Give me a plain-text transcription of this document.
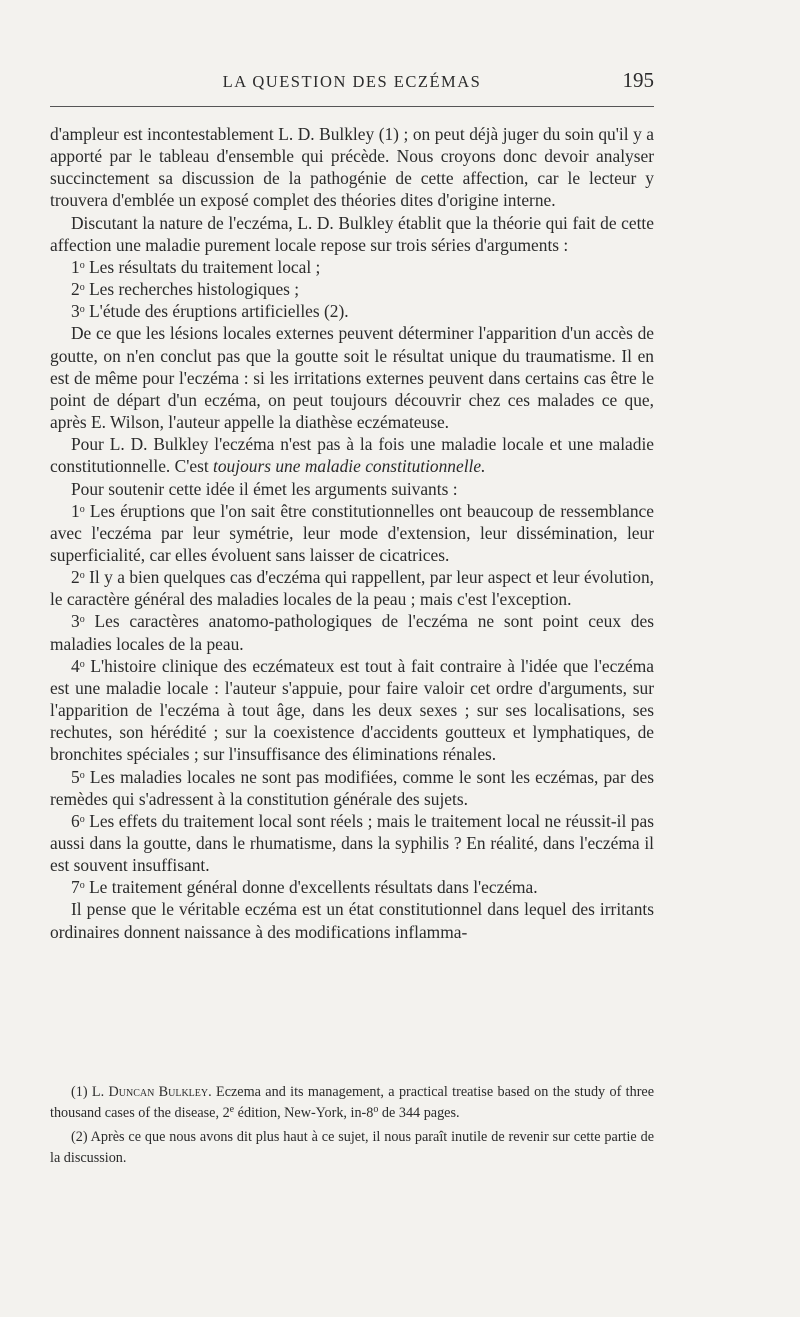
LA QUESTION DES ECZÉMAS	195

d'ampleur est incontestablement L. D. Bulkley (1) ; on peut déjà juger du soin qu'il y a apporté par le tableau d'ensemble qui précède. Nous croyons donc devoir analyser succinctement sa discussion de la pathogénie de cette affection, car le lecteur y trouvera d'emblée un exposé complet des théories dites d'origine interne.

Discutant la nature de l'eczéma, L. D. Bulkley établit que la théorie qui fait de cette affection une maladie purement locale repose sur trois séries d'arguments :

1$^o$ Les résultats du traitement local ;

2$^o$ Les recherches histologiques ;

3$^o$ L'étude des éruptions artificielles (2).

De ce que les lésions locales externes peuvent déterminer l'apparition d'un accès de goutte, on n'en conclut pas que la goutte soit le résultat unique du traumatisme. Il en est de même pour l'eczéma : si les irritations externes peuvent dans certains cas être le point de départ d'un eczéma, on peut toujours découvrir chez ces malades ce que, après E. Wilson, l'auteur appelle la diathèse eczémateuse.

Pour L. D. Bulkley l'eczéma n'est pas à la fois une maladie locale et une maladie constitutionnelle. C'est toujours une maladie constitutionnelle.

Pour soutenir cette idée il émet les arguments suivants :

1$^o$ Les éruptions que l'on sait être constitutionnelles ont beaucoup de ressemblance avec l'eczéma par leur symétrie, leur mode d'extension, leur dissémination, leur superficialité, car elles évoluent sans laisser de cicatrices.

2$^o$ Il y a bien quelques cas d'eczéma qui rappellent, par leur aspect et leur évolution, le caractère général des maladies locales de la peau ; mais c'est l'exception.

3$^o$ Les caractères anatomo-pathologiques de l'eczéma ne sont point ceux des maladies locales de la peau.

4$^o$ L'histoire clinique des eczémateux est tout à fait contraire à l'idée que l'eczéma est une maladie locale : l'auteur s'appuie, pour faire valoir cet ordre d'arguments, sur l'apparition de l'eczéma à tout âge, dans les deux sexes ; sur ses localisations, ses rechutes, son hérédité ; sur la coexistence d'accidents goutteux et lymphatiques, de bronchites spéciales ; sur l'insuffisance des éliminations rénales.

5$^o$ Les maladies locales ne sont pas modifiées, comme le sont les eczémas, par des remèdes qui s'adressent à la constitution générale des sujets.

6$^o$ Les effets du traitement local sont réels ; mais le traitement local ne réussit-il pas aussi dans la goutte, dans le rhumatisme, dans la syphilis ? En réalité, dans l'eczéma il est souvent insuffisant.

7$^o$ Le traitement général donne d'excellents résultats dans l'eczéma.

Il pense que le véritable eczéma est un état constitutionnel dans lequel des irritants ordinaires donnent naissance à des modifications inflamma-

(1) L. Duncan Bulkley. Eczema and its management, a practical treatise based on the study of three thousand cases of the disease, 2e édition, New-York, in-8$^o$ de 344 pages.

(2) Après ce que nous avons dit plus haut à ce sujet, il nous paraît inutile de revenir sur cette partie de la discussion.
